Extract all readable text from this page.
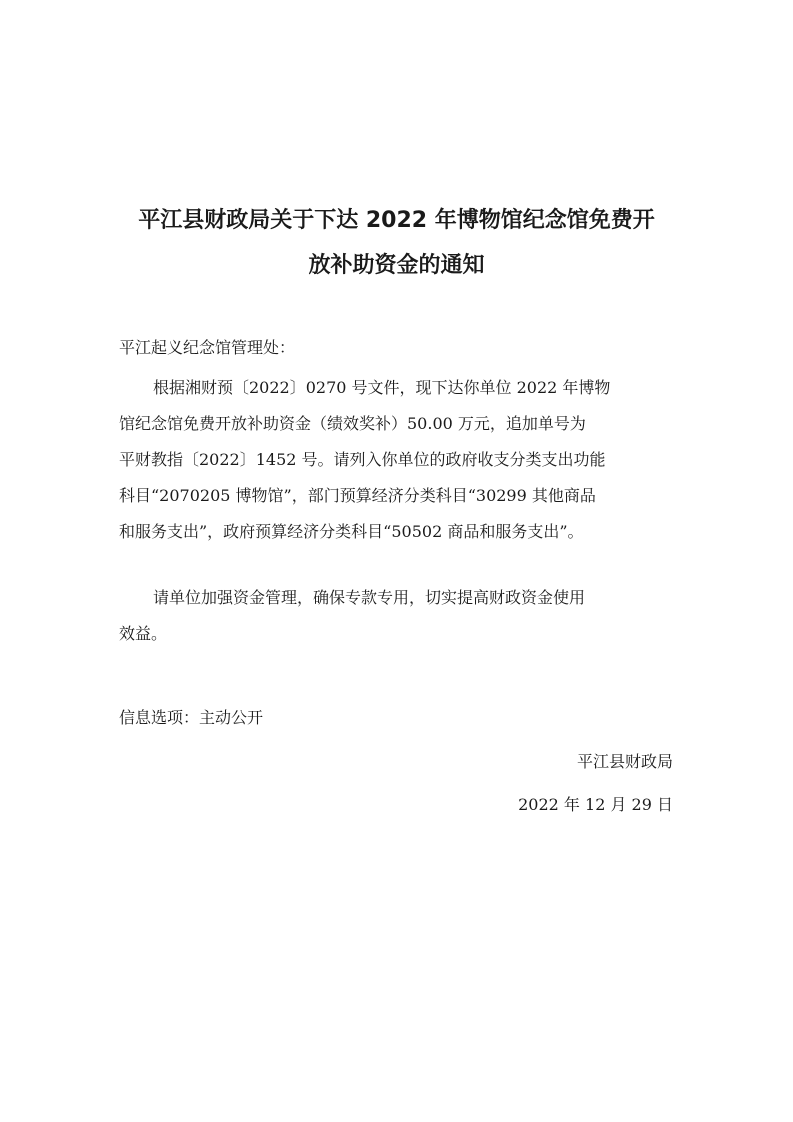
平江县财政局关于下达 2022 年博物馆纪念馆免费开
放补助资金的通知

平江起义纪念馆管理处：

根据湘财预〔2022〕0270 号文件，现下达你单位 2022 年博物
馆纪念馆免费开放补助资金（绩效奖补）50.00 万元，追加单号为
平财教指〔2022〕1452 号。请列入你单位的政府收支分类支出功能
科目“2070205 博物馆”，部门预算经济分类科目“30299 其他商品
和服务支出”，政府预算经济分类科目“50502 商品和服务支出”。
请单位加强资金管理，确保专款专用，切实提高财政资金使用
效益。

信息选项：主动公开

平江县财政局

2022 年 12 月 29 日
